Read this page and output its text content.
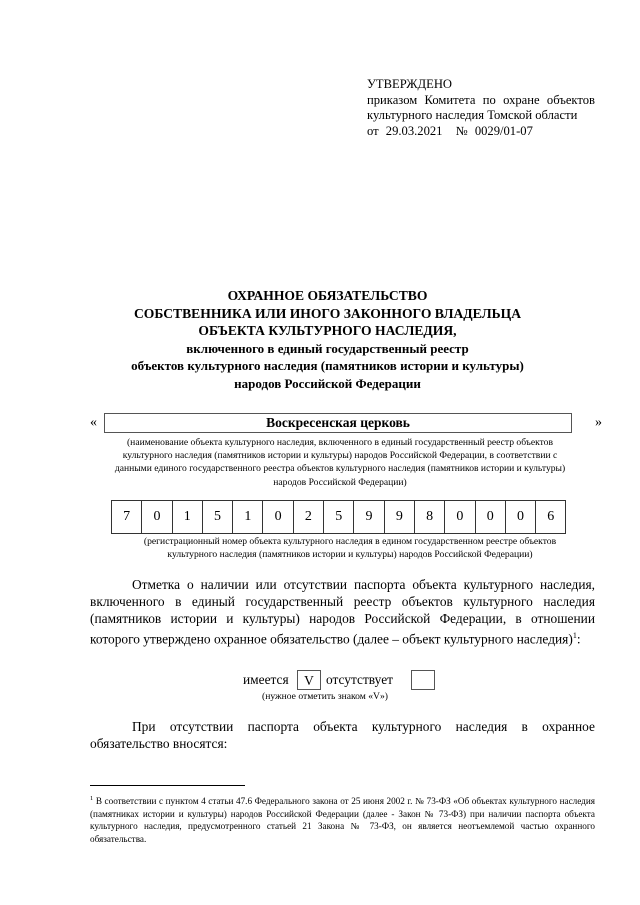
УТВЕРЖДЕНО
приказом Комитета по охране объектов
культурного наследия Томской области
от 29.03.2021 № 0029/01-07
ОХРАННОЕ ОБЯЗАТЕЛЬСТВО
СОБСТВЕННИКА ИЛИ ИНОГО ЗАКОННОГО ВЛАДЕЛЬЦА
ОБЪЕКТА КУЛЬТУРНОГО НАСЛЕДИЯ,
включенного в единый государственный реестр
объектов культурного наследия (памятников истории и культуры)
народов Российской Федерации
«	Воскресенская церковь	»
(наименование объекта культурного наследия, включенного в единый государственный реестр объектов культурного наследия (памятников истории и культуры) народов Российской Федерации, в соответствии с данными единого государственного реестра объектов культурного наследия (памятников истории и культуры) народов Российской Федерации)
7	0	1	5	1	0	2	5	9	9	8	0	0	0	6
(регистрационный номер объекта культурного наследия в едином государственном реестре объектов культурного наследия (памятников истории и культуры) народов Российской Федерации)
Отметка о наличии или отсутствии паспорта объекта культурного наследия, включенного в единый государственный реестр объектов культурного наследия (памятников истории и культуры) народов Российской Федерации, в отношении которого утверждено охранное обязательство (далее – объект культурного наследия)$^1$:
имеется	V отсутствует
(нужное отметить знаком «V»)
При отсутствии паспорта объекта культурного наследия в охранное обязательство вносятся:
$^1$ В соответствии с пунктом 4 статьи 47.6 Федерального закона от 25 июня 2002 г. № 73-ФЗ «Об объектах культурного наследия (памятниках истории и культуры) народов Российской Федерации (далее - Закон № 73-ФЗ) при наличии паспорта объекта культурного наследия, предусмотренного статьей 21 Закона № 73-ФЗ, он является неотъемлемой частью охранного обязательства.
